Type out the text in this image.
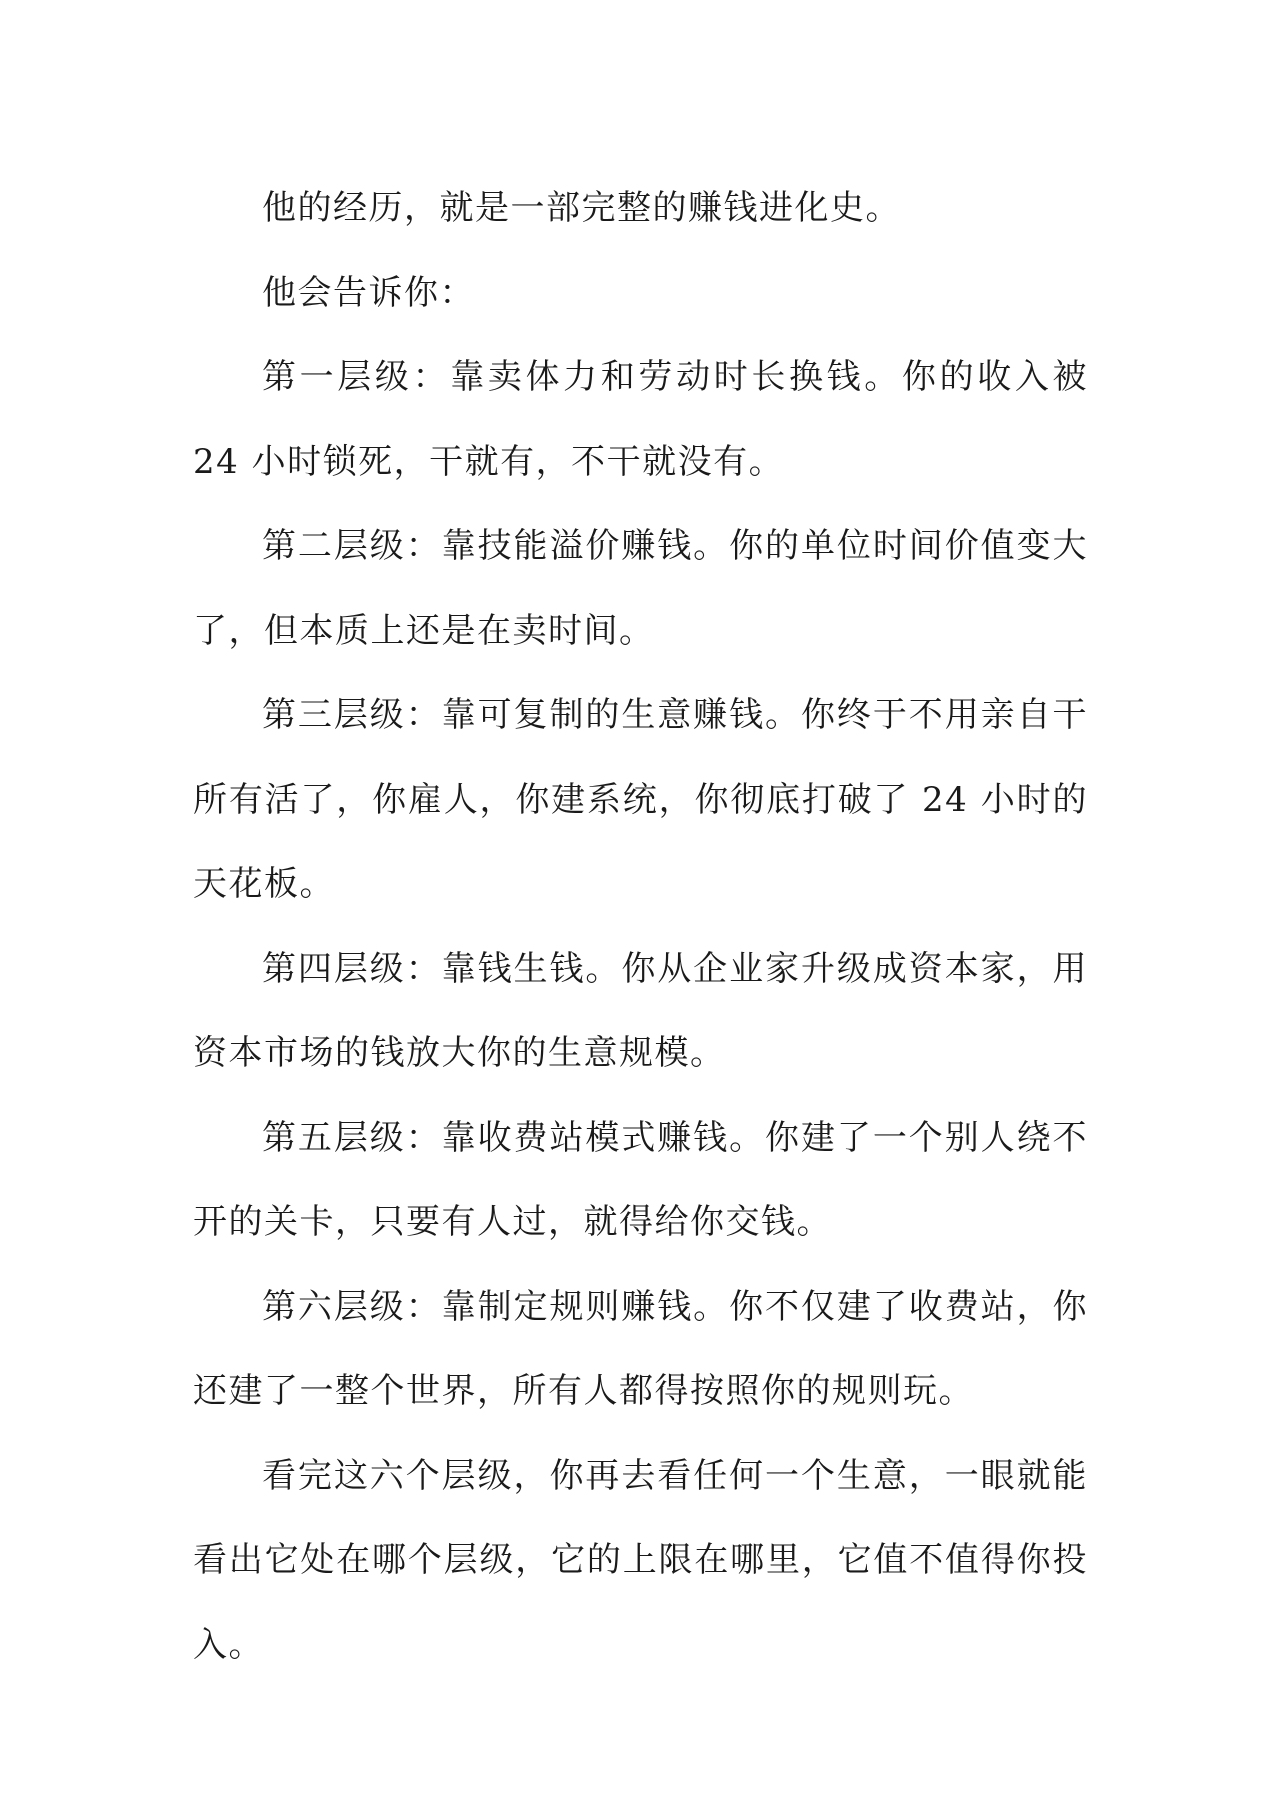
他的经历，就是一部完整的赚钱进化史。

他会告诉你：

第一层级：靠卖体力和劳动时长换钱。你的收入被 24 小时锁死，干就有，不干就没有。

第二层级：靠技能溢价赚钱。你的单位时间价值变大了，但本质上还是在卖时间。

第三层级：靠可复制的生意赚钱。你终于不用亲自干所有活了，你雇人，你建系统，你彻底打破了 24 小时的天花板。

第四层级：靠钱生钱。你从企业家升级成资本家，用资本市场的钱放大你的生意规模。

第五层级：靠收费站模式赚钱。你建了一个别人绕不开的关卡，只要有人过，就得给你交钱。

第六层级：靠制定规则赚钱。你不仅建了收费站，你还建了一整个世界，所有人都得按照你的规则玩。

看完这六个层级，你再去看任何一个生意，一眼就能看出它处在哪个层级，它的上限在哪里，它值不值得你投入。
